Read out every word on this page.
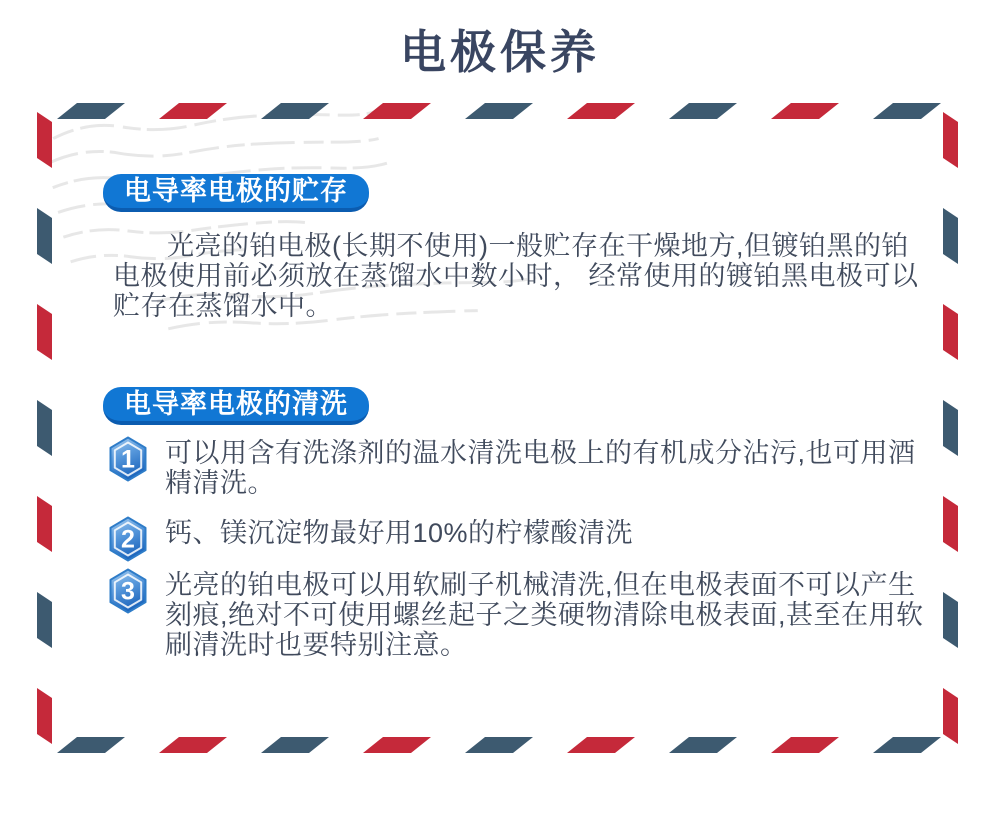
电极保养
电导率电极的贮存

光亮的铂电极(长期不使用)一般贮存在干燥地方,但镀铂黑的铂电极使用前必须放在蒸馏水中数小时， 经常使用的镀铂黑电极可以贮存在蒸馏水中。

电导率电极的清洗
1 可以用含有洗涤剂的温水清洗电极上的有机成分沾污,也可用酒精清洗。
2 钙、镁沉淀物最好用10%的柠檬酸清洗
3 光亮的铂电极可以用软刷子机械清洗,但在电极表面不可以产生刻痕,绝对不可使用螺丝起子之类硬物清除电极表面,甚至在用软刷清洗时也要特别注意。
